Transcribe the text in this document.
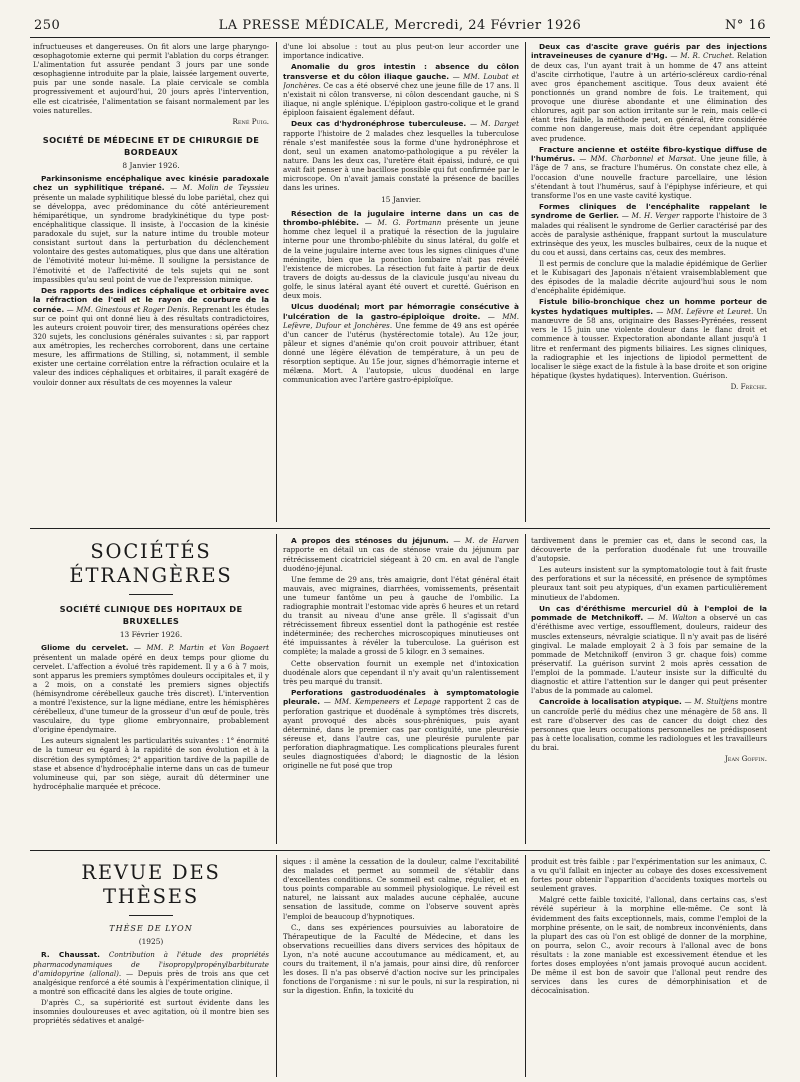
250	LA PRESSE MÉDICALE, Mercredi, 24 Février 1926	N° 16

infructueuses et dangereuses. On fit alors une large pharyngo-œsophagotomie externe qui permit l'ablation du corps étranger. L'alimentation fut assurée pendant 3 jours par une sonde œsophagienne introduite par la plaie, laissée largement ouverte, puis par une sonde nasale. La plaie cervicale se combla progressivement et aujourd'hui, 20 jours après l'intervention, elle est cicatrisée, l'alimentation se faisant normalement par les voies naturelles.

René Puig.
SOCIÉTÉ DE MÉDECINE ET DE CHIRURGIE DE BORDEAUX
8 Janvier 1926.

Parkinsonisme encéphalique avec kinésie paradoxale chez un syphilitique trépané. — M. Molin de Teyssieu présente un malade syphilitique blessé du lobe pariétal, chez qui se développa, avec prédominance du côté antérieurement hémiparétique, un syndrome bradykinétique du type post-encéphalitique classique. Il insiste, à l'occasion de la kinésie paradoxale du sujet, sur la nature intime du trouble moteur consistant surtout dans la perturbation du déclenchement volontaire des gestes automatiques, plus que dans une altération de l'émotivité moteur lui-même. Il souligne la persistance de l'émotivité et de l'affectivité de tels sujets qui ne sont impassibles qu'au seul point de vue de l'expression mimique.

Des rapports des indices céphalique et orbitaire avec la réfraction de l'œil et le rayon de courbure de la cornée. — MM. Ginestous et Roger Denis. Reprenant les études sur ce point qui ont donné lieu à des résultats contradictoires, les auteurs croient pouvoir tirer, des mensurations opérées chez 320 sujets, les conclusions générales suivantes : si, par rapport aux amétropies, les recherches corroborent, dans une certaine mesure, les affirmations de Stilling, si, notamment, il semble exister une certaine corrélation entre la réfraction oculaire et la valeur des indices céphaliques et orbitaires, il paraît exagéré de vouloir donner aux résultats de ces moyennes la valeur

d'une loi absolue : tout au plus peut-on leur accorder une importance indicative.

Anomalie du gros intestin : absence du côlon transverse et du côlon iliaque gauche. — MM. Loubat et Jonchères. Ce cas a été observé chez une jeune fille de 17 ans. Il n'existait ni côlon transverse, ni côlon descendant gauche, ni S iliaque, ni angle splénique. L'épiploon gastro-colique et le grand épiploon faisaient également défaut.

Deux cas d'hydronéphrose tuberculeuse. — M. Darget rapporte l'histoire de 2 malades chez lesquelles la tuberculose rénale s'est manifestée sous la forme d'une hydronéphrose et dont, seul un examen anatomo-pathologique a pu révéler la nature. Dans les deux cas, l'uretère était épaissi, induré, ce qui avait fait penser à une bacillose possible qui fut confirmée par le microscope. On n'avait jamais constaté la présence de bacilles dans les urines.

15 Janvier.

Résection de la jugulaire interne dans un cas de thrombo-phlébite. — M. G. Portmann présente un jeune homme chez lequel il a pratiqué la résection de la jugulaire interne pour une thrombo-phlébite du sinus latéral, du golfe et de la veine jugulaire interne avec tous les signes cliniques d'une méningite, bien que la ponction lombaire n'ait pas révélé l'existence de microbes. La résection fut faite à partir de deux travers de doigts au-dessus de la clavicule jusqu'au niveau du golfe, le sinus latéral ayant été ouvert et curetté. Guérison en deux mois.

Ulcus duodénal; mort par hémorragie consécutive à l'ulcération de la gastro-épiploïque droite. — MM. Lefèvre, Dufour et Jonchères. Une femme de 49 ans est opérée d'un cancer de l'utérus (hystérectomie totale). Au 12e jour, pâleur et signes d'anémie qu'on croit pouvoir attribuer, étant donné une légère élévation de température, à un peu de résorption septique. Au 15e jour, signes d'hémorragie interne et mélæna. Mort. A l'autopsie, ulcus duodénal en large communication avec l'artère gastro-épiploïque.

Deux cas d'ascite grave guéris par des injections intraveineuses de cyanure d'Hg. — M. R. Cruchet. Relation de deux cas, l'un ayant trait à un homme de 47 ans atteint d'ascite cirrhotique, l'autre à un artério-scléreux cardio-rénal avec gros épanchement ascitique. Tous deux avaient été ponctionnés un grand nombre de fois. Le traitement, qui provoque une diurèse abondante et une élimination des chlorures, agit par son action irritante sur le rein, mais celle-ci étant très faible, la méthode peut, en général, être considérée comme non dangereuse, mais doit être cependant appliquée avec prudence.

Fracture ancienne et ostéite fibro-kystique diffuse de l'humérus. — MM. Charbonnel et Marsat. Une jeune fille, à l'âge de 7 ans, se fracture l'humérus. On constate chez elle, à l'occasion d'une nouvelle fracture parcellaire, une lésion s'étendant à tout l'humérus, sauf à l'épiphyse inférieure, et qui transforme l'os en une vaste cavité kystique.

Formes cliniques de l'encéphalite rappelant le syndrome de Gerlier. — M. H. Verger rapporte l'histoire de 3 malades qui réalisent le syndrome de Gerlier caractérisé par des accès de paralysie asthénique, frappant surtout la musculature extrinsèque des yeux, les muscles bulbaires, ceux de la nuque et du cou et aussi, dans certains cas, ceux des membres.

Il est permis de conclure que la maladie épidémique de Gerlier et le Kubisagari des Japonais n'étaient vraisemblablement que des épisodes de la maladie décrite aujourd'hui sous le nom d'encéphalite épidémique.

Fistule bilio-bronchique chez un homme porteur de kystes hydatiques multiples. — MM. Lefèvre et Leuret. Un manœuvre de 58 ans, originaire des Basses-Pyrénées, ressent vers le 15 juin une violente douleur dans le flanc droit et commence à tousser. Expectoration abondante allant jusqu'à 1 litre et renfermant des pigments biliaires. Les signes cliniques, la radiographie et les injections de lipiodol permettent de localiser le siège exact de la fistule à la base droite et son origine hépatique (kystes hydatiques). Intervention. Guérison.

D. Frèche.
SOCIÉTÉS ÉTRANGÈRES
SOCIÉTÉ CLINIQUE DES HOPITAUX DE BRUXELLES
13 Février 1926.

Gliome du cervelet. — MM. P. Martin et Van Bogaert présentent un malade opéré en deux temps pour gliome du cervelet. L'affection a évolué très rapidement. Il y a 6 à 7 mois, sont apparus les premiers symptômes douleurs occipitales et, il y a 2 mois, on a constaté les premiers signes objectifs (hémisyndrome cérébelleux gauche très discret). L'intervention a montré l'existence, sur la ligne médiane, entre les hémisphères cérébelleux, d'une tumeur de la grosseur d'un œuf de poule, très vasculaire, du type gliome embryonnaire, probablement d'origine épendymaire.

Les auteurs signalent les particularités suivantes : 1° énormité de la tumeur eu égard à la rapidité de son évolution et à la discrétion des symptômes; 2° apparition tardive de la papille de stase et absence d'hydrocéphalie interne dans un cas de tumeur volumineuse qui, par son siège, aurait dû déterminer une hydrocéphalie marquée et précoce.

A propos des sténoses du jéjunum. — M. de Harven rapporte en détail un cas de sténose vraie du jéjunum par rétrécissement cicatriciel siégeant à 20 cm. en aval de l'angle duodéno-jéjunal.

Une femme de 29 ans, très amaigrie, dont l'état général était mauvais, avec migraines, diarrhées, vomissements, présentait une tumeur fantôme un peu à gauche de l'ombilic. La radiographie montrait l'estomac vide après 6 heures et un retard du transit au niveau d'une anse grêle. Il s'agissait d'un rétrécissement fibreux essentiel dont la pathogénie est restée indéterminée; des recherches microscopiques minutieuses ont été impuissantes à révéler la tuberculose. La guérison est complète; la malade a grossi de 5 kilogr. en 3 semaines.

Cette observation fournit un exemple net d'intoxication duodénale alors que cependant il n'y avait qu'un ralentissement très peu marqué du transit.

Perforations gastroduodénales à symptomatologie pleurale. — MM. Kempeneers et Lepage rapportent 2 cas de perforation gastrique et duodénale à symptômes très discrets, ayant provoqué des abcès sous-phréniques, puis ayant déterminé, dans le premier cas par contiguïté, une pleurésie séreuse et, dans l'autre cas, une pleurésie purulente par perforation diaphragmatique. Les complications pleurales furent seules diagnostiquées d'abord; le diagnostic de la lésion originelle ne fut posé que trop

tardivement dans le premier cas et, dans le second cas, la découverte de la perforation duodénale fut une trouvaille d'autopsie.

Les auteurs insistent sur la symptomatologie tout à fait fruste des perforations et sur la nécessité, en présence de symptômes pleuraux tant soit peu atypiques, d'un examen particulièrement minutieux de l'abdomen.

Un cas d'éréthisme mercuriel dû à l'emploi de la pommade de Metchnikoff. — M. Walton a observé un cas d'éréthisme avec vertige, essoufflement, douleurs, raideur des muscles extenseurs, névralgie sciatique. Il n'y avait pas de liséré gingival. Le malade employait 2 à 3 fois par semaine de la pommade de Metchnikoff (environ 3 gr. chaque fois) comme préservatif. La guérison survint 2 mois après cessation de l'emploi de la pommade. L'auteur insiste sur la difficulté du diagnostic et attire l'attention sur le danger qui peut présenter l'abus de la pommade au calomel.

Cancroïde à localisation atypique. — M. Stultjens montre un cancroïde perlé du médius chez une ménagère de 58 ans. Il est rare d'observer des cas de cancer du doigt chez des personnes que leurs occupations personnelles ne prédisposent pas à cette localisation, comme les radiologues et les travailleurs du brai.

Jean Goffin.
REVUE DES THÈSES
THÈSE DE LYON
(1925)

R. Chaussat. Contribution à l'étude des propriétés pharmacodynamiques de l'isopropylpropénylbarbiturate d'amidopyrine (allonal). — Depuis près de trois ans que cet analgésique renforcé a été soumis à l'expérimentation clinique, il a montré son efficacité dans les algies de toute origine.

D'après C., sa supériorité est surtout évidente dans les insomnies douloureuses et avec agitation, où il montre bien ses propriétés sédatives et analgé-

siques : il amène la cessation de la douleur, calme l'excitabilité des malades et permet au sommeil de s'établir dans d'excellentes conditions. Ce sommeil est calme, régulier, et en tous points comparable au sommeil physiologique. Le réveil est naturel, ne laissant aux malades aucune céphalée, aucune sensation de lassitude, comme on l'observe souvent après l'emploi de beaucoup d'hypnotiques.

C., dans ses expériences poursuivies au laboratoire de Thérapeutique de la Faculté de Médecine, et dans les observations recueillies dans divers services des hôpitaux de Lyon, n'a noté aucune accoutumance au médicament, et, au cours du traitement, il n'a jamais, pour ainsi dire, dû renforcer les doses. Il n'a pas observé d'action nocive sur les principales fonctions de l'organisme : ni sur le pouls, ni sur la respiration, ni sur la digestion. Enfin, la toxicité du

produit est très faible : par l'expérimentation sur les animaux, C. a vu qu'il fallait en injecter au cobaye des doses excessivement fortes pour obtenir l'apparition d'accidents toxiques mortels ou seulement graves.

Malgré cette faible toxicité, l'allonal, dans certains cas, s'est révélé supérieur à la morphine elle-même. Ce sont là évidemment des faits exceptionnels, mais, comme l'emploi de la morphine présente, on le sait, de nombreux inconvénients, dans la plupart des cas où l'on est obligé de donner de la morphine, on pourra, selon C., avoir recours à l'allonal avec de bons résultats : la zone maniable est excessivement étendue et les fortes doses employées n'ont jamais provoqué aucun accident. De même il est bon de savoir que l'allonal peut rendre des services dans les cures de démorphinisation et de décocaïnisation.
